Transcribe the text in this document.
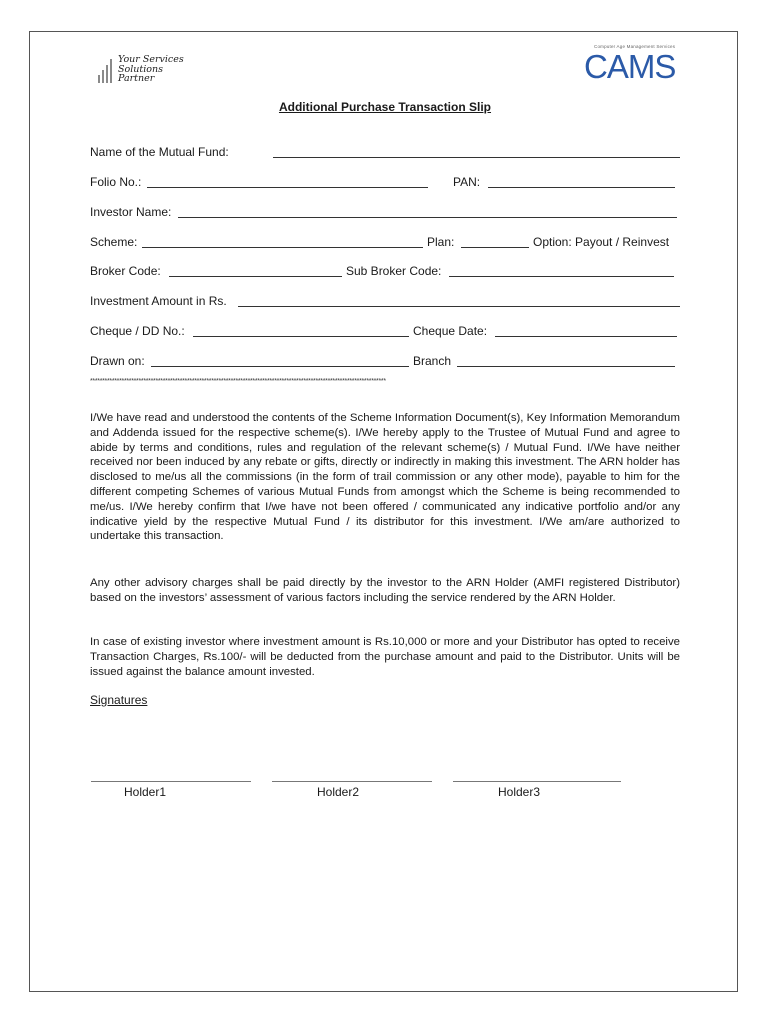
Your Services
Solutions
Partner
Computer Age Management Services
CAMS
Additional Purchase Transaction Slip
Name of the Mutual Fund:
Folio No.:	PAN:
Investor Name:
Scheme:	Plan:	Option: Payout / Reinvest
Broker Code:	Sub Broker Code:
Investment Amount in Rs.
Cheque / DD No.:	Cheque Date:
Drawn on:	Branch
**************************************************************************************************************************
I/We have read and understood the contents of the Scheme Information Document(s), Key Information Memorandum and Addenda issued for the respective scheme(s). I/We hereby apply to the Trustee of Mutual Fund and agree to abide by terms and conditions, rules and regulation of the relevant scheme(s) / Mutual Fund. I/We have neither received nor been induced by any rebate or gifts, directly or indirectly in making this investment. The ARN holder has disclosed to me/us all the commissions (in the form of trail commission or any other mode), payable to him for the different competing Schemes of various Mutual Funds from amongst which the Scheme is being recommended to me/us. I/We hereby confirm that I/we have not been offered / communicated any indicative portfolio and/or any indicative yield by the respective Mutual Fund / its distributor for this investment. I/We am/are authorized to undertake this transaction.
Any other advisory charges shall be paid directly by the investor to the ARN Holder (AMFI registered Distributor) based on the investors’ assessment of various factors including the service rendered by the ARN Holder.
In case of existing investor where investment amount is Rs.10,000 or more and your Distributor has opted to receive Transaction Charges, Rs.100/- will be deducted from the purchase amount and paid to the Distributor. Units will be issued against the balance amount invested.
Signatures
Holder1	Holder2	Holder3
